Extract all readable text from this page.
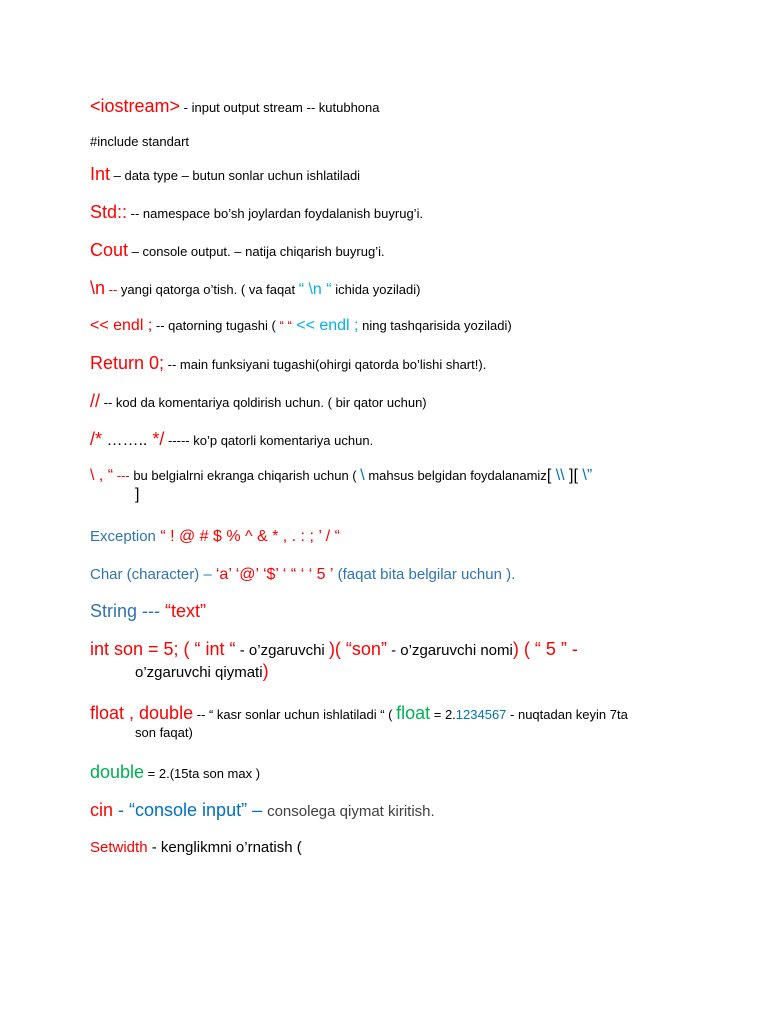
<iostream> - input output stream -- kutubhona
#include standart
Int – data type – butun sonlar uchun ishlatiladi
Std:: -- namespace bo’sh joylardan foydalanish buyrug’i.
Cout – console output. – natija chiqarish buyrug’i.
\n -- yangi qatorga o’tish. ( va faqat “ \n “ ichida yoziladi)
<< endl ; -- qatorning tugashi ( “ “ << endl ; ning tashqarisida yoziladi)
Return 0; -- main funksiyani tugashi(ohirgi qatorda bo’lishi shart!).
// -- kod da komentariya qoldirish uchun. ( bir qator uchun)
/* …….. */ ----- ko’p qatorli komentariya uchun.
\ , “ --- bu belgialrni ekranga chiqarish uchun ( \ mahsus belgidan foydalanamiz[ \\ ][ \”
]
Exception “ ! @ # $ % ^ & * , . : ; ’ / “
Char (character) – ‘a’ ‘@’ ‘$’ ‘ “ ‘ ‘ 5 ’ (faqat bita belgilar uchun ).
String --- “text”
int son = 5; ( “ int “ - o’zgaruvchi )( “son” - o’zgaruvchi nomi) ( “ 5 ” -
o’zgaruvchi qiymati)
float , double -- “ kasr sonlar uchun ishlatiladi “ ( float = 2.1234567 - nuqtadan keyin 7ta
son faqat)
double = 2.(15ta son max )
cin - “console input” – consolega qiymat kiritish.
Setwidth - kenglikmni o’rnatish (
